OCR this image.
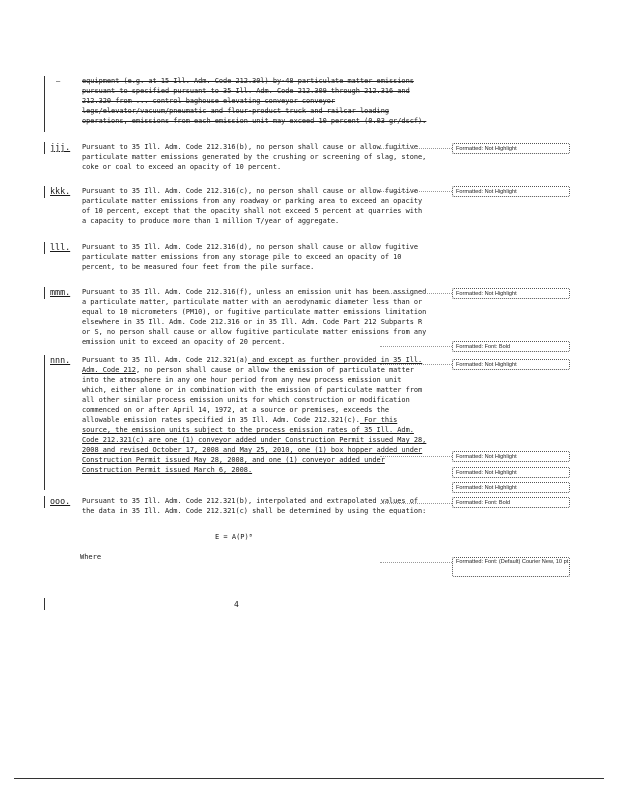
—	equipment (e.g. at 15 Ill. Adm. Code 212.30l) by-48 particulate matter emissions pursuant to specified pursuant to 35 Ill. Adm. Code 212.309 through 212.316 and 212.320 from ... control baghouse elevating conveyor conveyor legs/elevator/vacuum/pneumatic and flour-product truck and railcar loading operations, emissions from each emission unit may exceed 10 percent (0.03 gr/dscf).
jjj.	Pursuant to 35 Ill. Adm. Code 212.316(b), no person shall cause or allow fugitive particulate matter emissions generated by the crushing or screening of slag, stone, coke or coal to exceed an opacity of 10 percent.
kkk.	Pursuant to 35 Ill. Adm. Code 212.316(c), no person shall cause or allow fugitive particulate matter emissions from any roadway or parking area to exceed an opacity of 10 percent, except that the opacity shall not exceed 5 percent at quarries with a capacity to produce more than 1 million T/year of aggregate.
lll.	Pursuant to 35 Ill. Adm. Code 212.316(d), no person shall cause or allow fugitive particulate matter emissions from any storage pile to exceed an opacity of 10 percent, to be measured four feet from the pile surface.
mmm.	Pursuant to 35 Ill. Adm. Code 212.316(f), unless an emission unit has been assigned a particulate matter, particulate matter with an aerodynamic diameter less than or equal to 10 micrometers (PM10), or fugitive particulate matter emissions limitation elsewhere in 35 Ill. Adm. Code 212.316 or in 35 Ill. Adm. Code Part 212 Subparts R or S, no person shall cause or allow fugitive particulate matter emissions from any emission unit to exceed an opacity of 20 percent.
nnn.	Pursuant to 35 Ill. Adm. Code 212.321(a) and except as further provided in 35 Ill. Adm. Code 212, no person shall cause or allow the emission of particulate matter into the atmosphere in any one hour period from any new process emission unit which, either alone or in combination with the emission of particulate matter from all other similar process emission units for which construction or modification commenced on or after April 14, 1972, at a source or premises, exceeds the allowable emission rates specified in 35 Ill. Adm. Code 212.321(c). For this source, the emission units subject to the process emission rates of 35 Ill. Adm. Code 212.321(c) are one (1) conveyor added under Construction Permit issued May 28, 2008 and revised October 17, 2008 and May 25, 2010, one (1) box hopper added under Construction Permit issued May 28, 2008, and one (1) conveyor added under Construction Permit issued March 6, 2008.
ooo.	Pursuant to 35 Ill. Adm. Code 212.321(b), interpolated and extrapolated values of the data in 35 Ill. Adm. Code 212.321(c) shall be determined by using the equation:
E = A(P)ᴮ
Where
4
Formatted: Not Highlight
Formatted: Not Highlight
Formatted: Not Highlight
Formatted: Font: Bold
Formatted: Not Highlight
Formatted: Not Highlight
Formatted: Not Highlight
Formatted: Not Highlight
Formatted: Font: Bold
Formatted: Font: (Default) Courier New, 10 pt
